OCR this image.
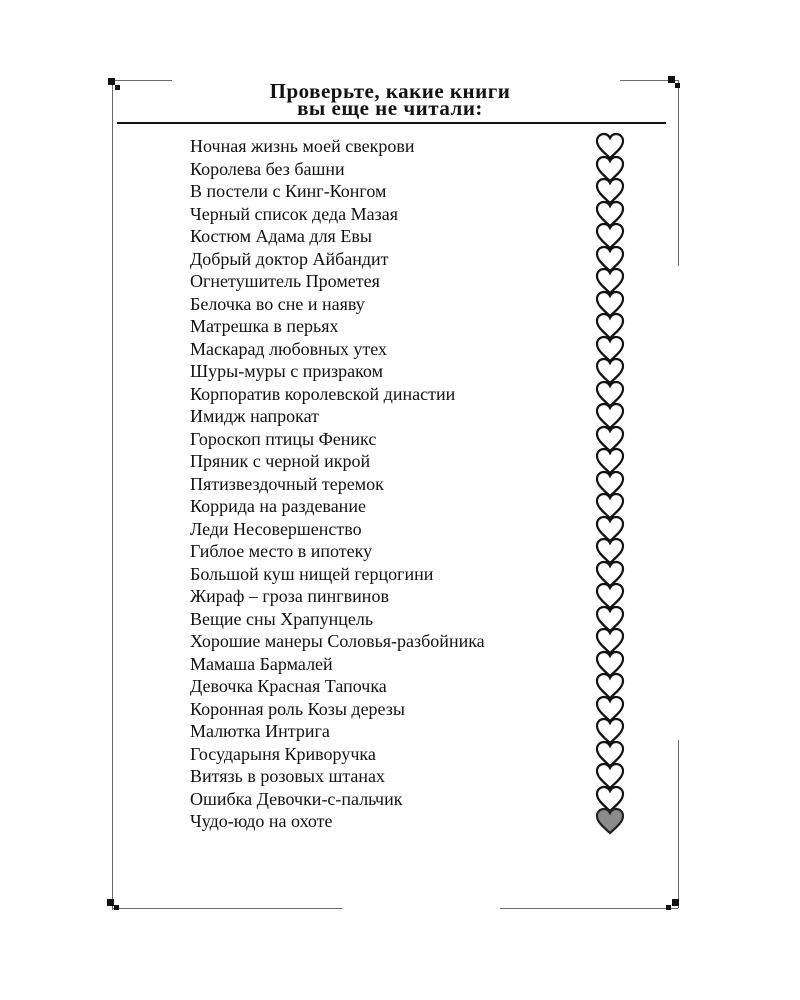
Проверьте, какие книги
вы еще не читали:
Ночная жизнь моей свекрови
Королева без башни
В постели с Кинг-Конгом
Черный список деда Мазая
Костюм Адама для Евы
Добрый доктор Айбандит
Огнетушитель Прометея
Белочка во сне и наяву
Матрешка в перьях
Маскарад любовных утех
Шуры-муры с призраком
Корпоратив королевской династии
Имидж напрокат
Гороскоп птицы Феникс
Пряник с черной икрой
Пятизвездочный теремок
Коррида на раздевание
Леди Несовершенство
Гиблое место в ипотеку
Большой куш нищей герцогини
Жираф – гроза пингвинов
Вещие сны Храпунцель
Хорошие манеры Соловья-разбойника
Мамаша Бармалей
Девочка Красная Тапочка
Коронная роль Козы дерезы
Малютка Интрига
Государыня Криворучка
Витязь в розовых штанах
Ошибка Девочки-с-пальчик
Чудо-юдо на охоте
